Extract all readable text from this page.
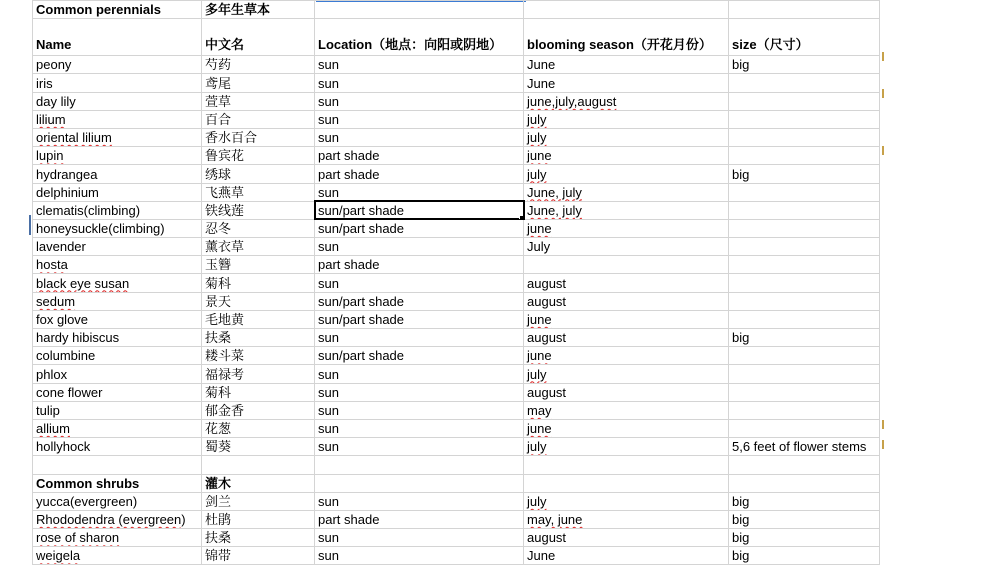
Common perennials	多年生草本			
Name	中文名	Location（地点：向阳或阴地）	blooming season（开花月份）	size（尺寸）
peony	芍药	sun	June	big
iris	鸢尾	sun	June	
day lily	萱草	sun	june,july,august	
lilium	百合	sun	july	
oriental lilium	香水百合	sun	july	
lupin	鲁宾花	part shade	june	
hydrangea	绣球	part shade	july	big
delphinium	飞燕草	sun	June, july	
clematis(climbing)	铁线莲	sun/part shade	June, july	
honeysuckle(climbing)	忍冬	sun/part shade	june	
lavender	薰衣草	sun	July	
hosta	玉簪	part shade		
black eye susan	菊科	sun	august	
sedum	景天	sun/part shade	august	
fox glove	毛地黄	sun/part shade	june	
hardy hibiscus	扶桑	sun	august	big
columbine	耧斗菜	sun/part shade	june	
phlox	福禄考	sun	july	
cone flower	菊科	sun	august	
tulip	郁金香	sun	may	
allium	花葱	sun	june	
hollyhock	蜀葵	sun	july	5,6 feet of flower stems

Common shrubs	灌木			
yucca(evergreen)	剑兰	sun	july	big
Rhododendra (evergreen)	杜鹃	part shade	may, june	big
rose of sharon	扶桑	sun	august	big
weigela	锦带	sun	June	big
